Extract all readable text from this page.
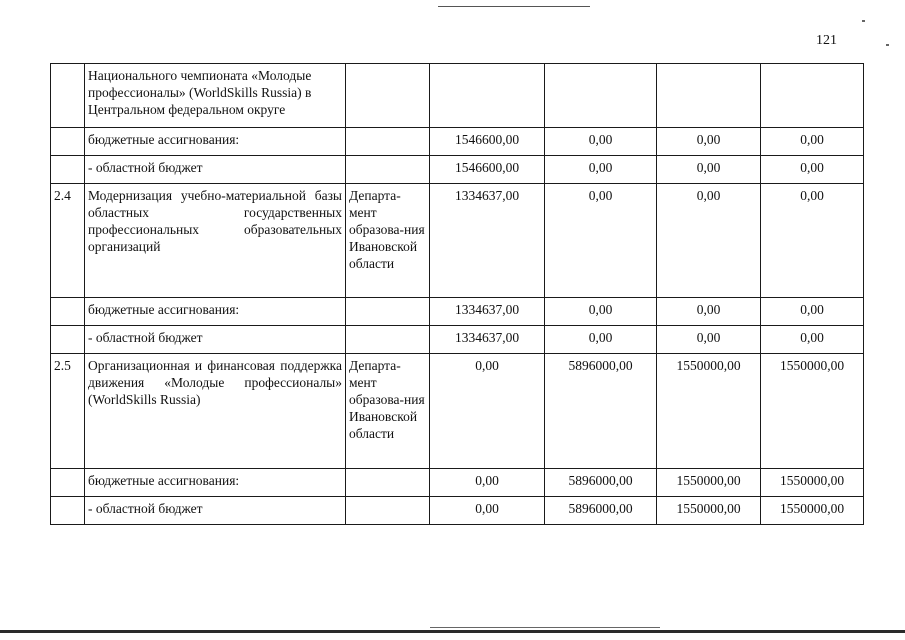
121
	Национального чемпионата «Молодые профессионалы» (WorldSkills Russia) в Центральном федеральном округе					
	бюджетные ассигнования:		1546600,00	0,00	0,00	0,00
	- областной бюджет		1546600,00	0,00	0,00	0,00
2.4	Модернизация учебно-материальной базы областных государственных профессиональных образовательных организаций	Департа-мент образова-ния Ивановской области	1334637,00	0,00	0,00	0,00
	бюджетные ассигнования:		1334637,00	0,00	0,00	0,00
	- областной бюджет		1334637,00	0,00	0,00	0,00
2.5	Организационная и финансовая поддержка движения «Молодые профессионалы» (WorldSkills Russia)	Департа-мент образова-ния Ивановской области	0,00	5896000,00	1550000,00	1550000,00
	бюджетные ассигнования:		0,00	5896000,00	1550000,00	1550000,00
	- областной бюджет		0,00	5896000,00	1550000,00	1550000,00
